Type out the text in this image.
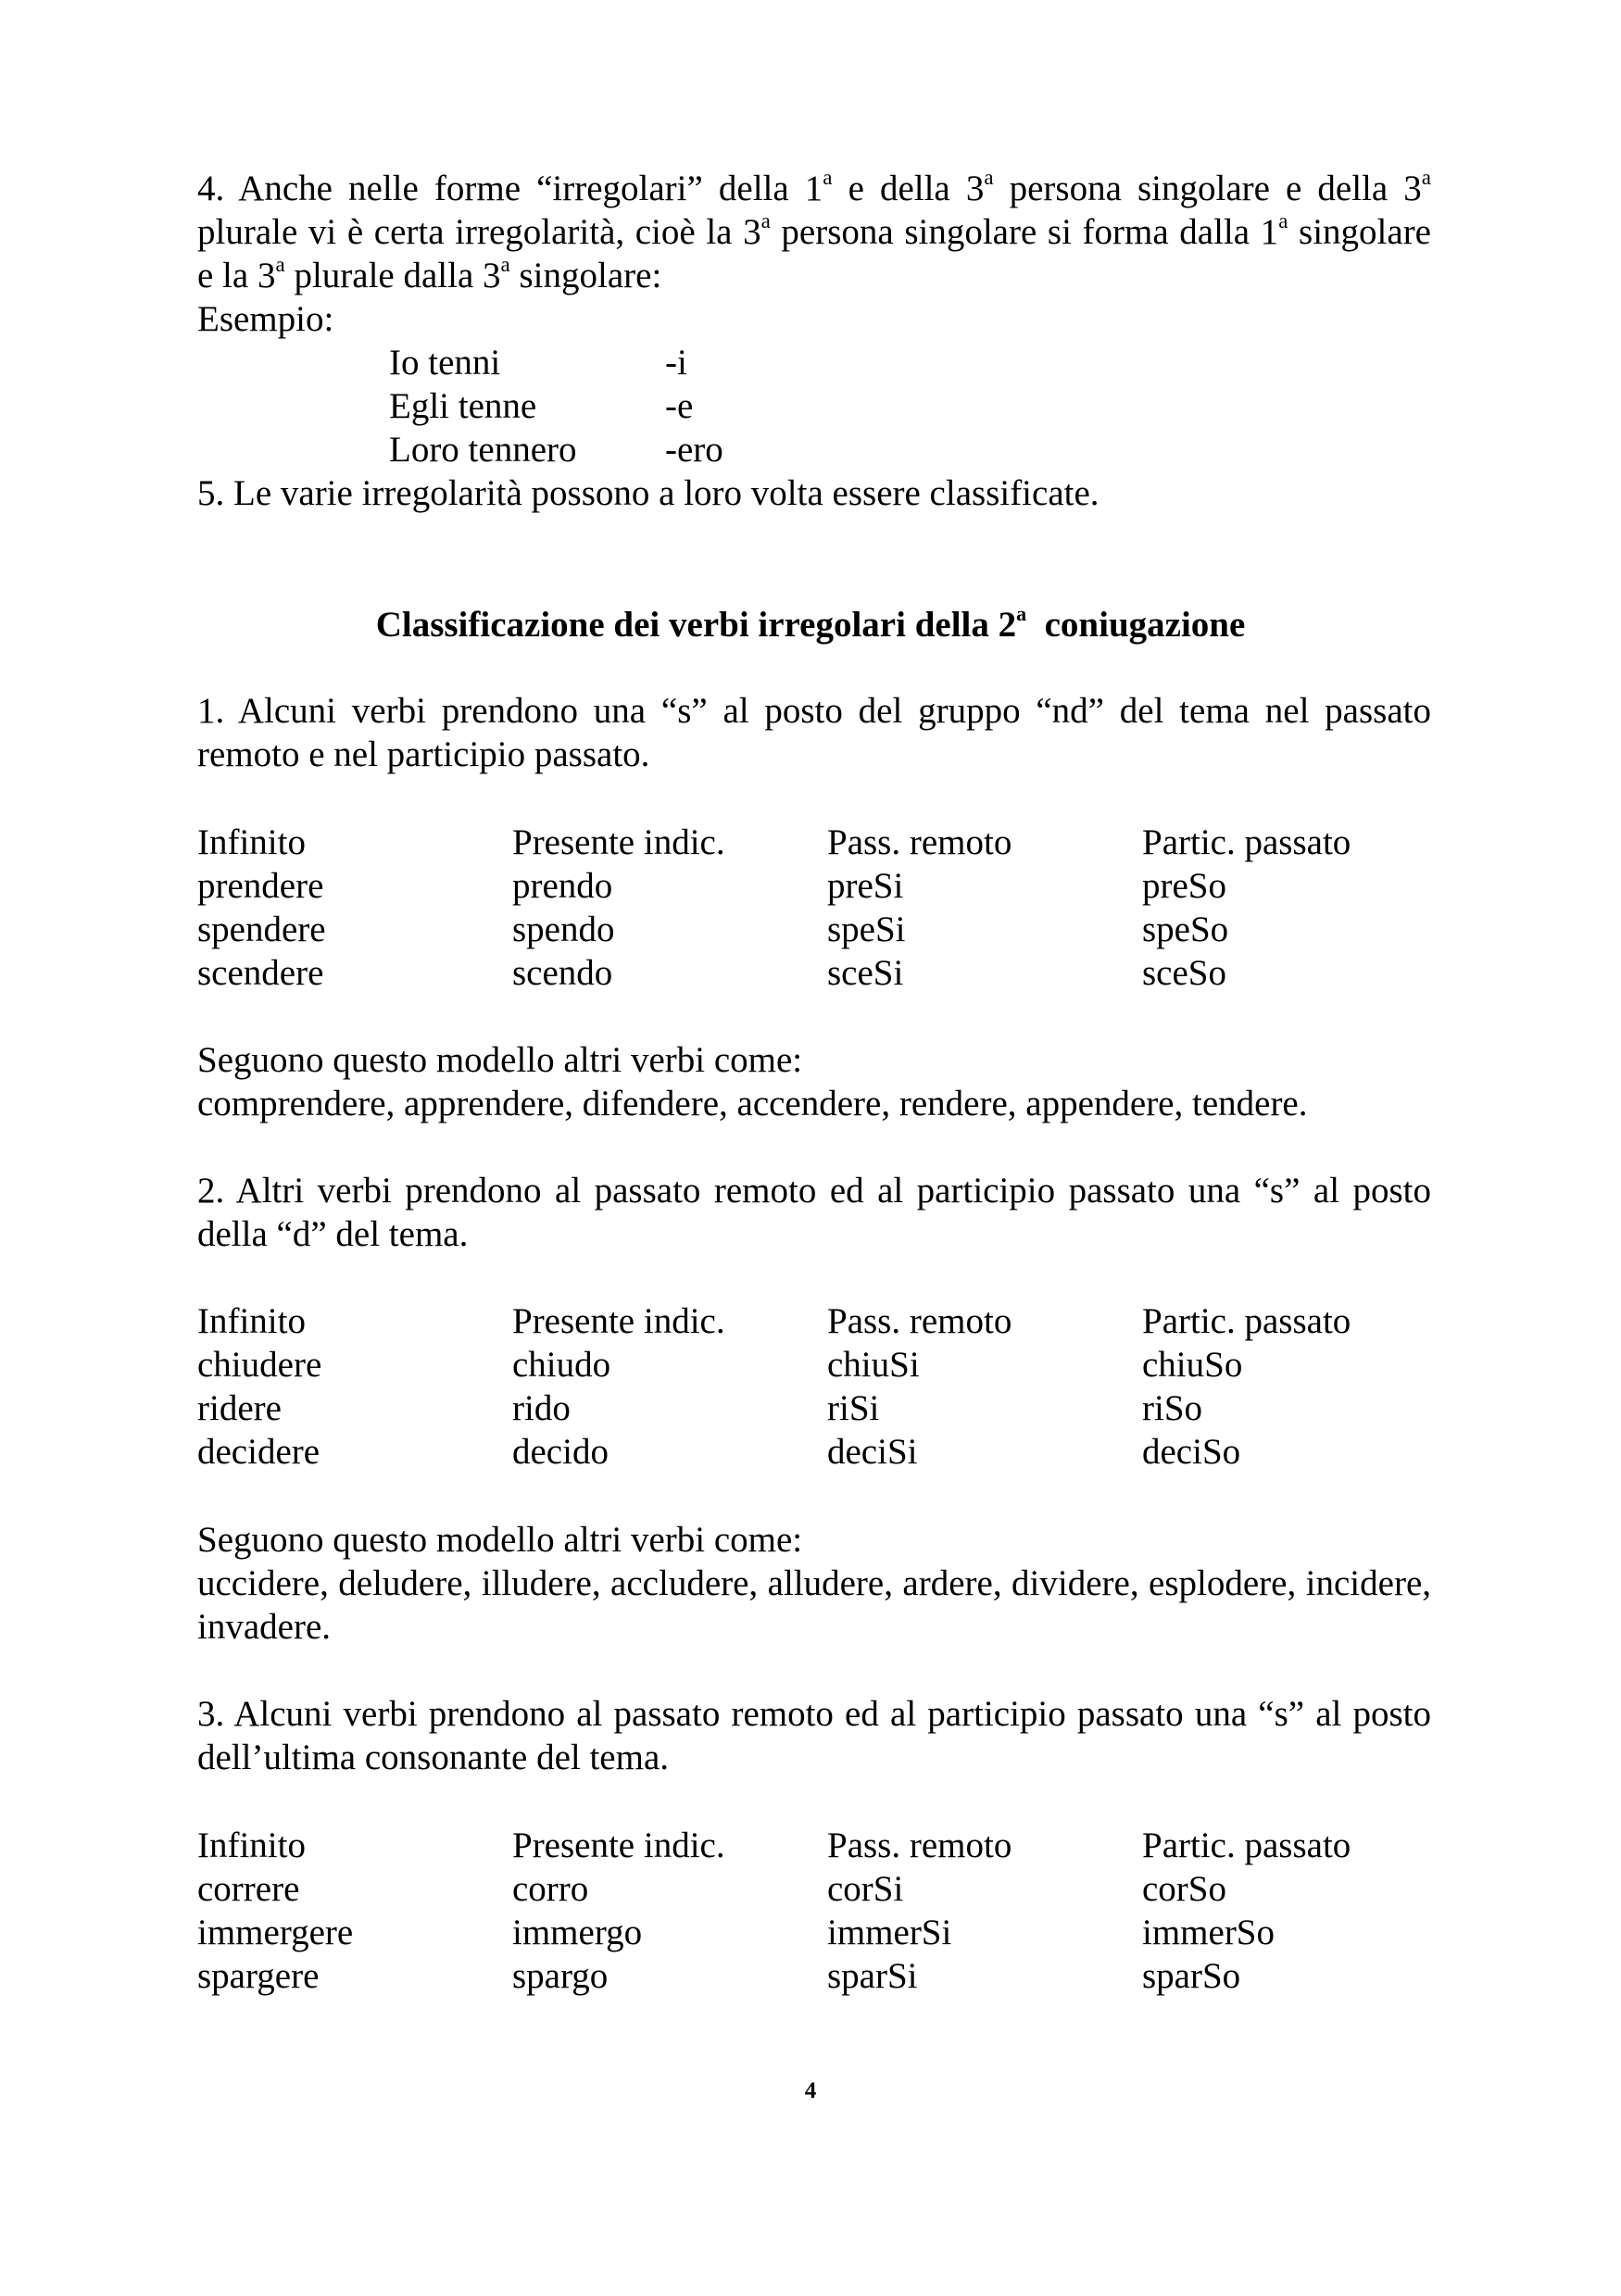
4. Anche nelle forme “irregolari” della 1$^a$ e della 3$^a$ persona singolare e della 3$^a$ plurale vi è certa irregolarità, cioè la 3$^a$ persona singolare si forma dalla 1$^a$ singolare e la 3$^a$ plurale dalla 3$^a$ singolare:

Esempio:
Io tenni	-i
Egli tenne	-e
Loro tennero -ero
5. Le varie irregolarità possono a loro volta essere classificate.
Classificazione dei verbi irregolari della 2$^a$  coniugazione

1. Alcuni verbi prendono una “s” al posto del gruppo “nd” del tema nel passato remoto e nel participio passato.

Infinito	Presente indic.	Pass. remoto	Partic. passato
prendere	prendo	preSi	preSo
spendere	spendo	speSi	speSo
scendere	scendo	sceSi	sceSo
Seguono questo modello altri verbi come:
comprendere, apprendere, difendere, accendere, rendere, appendere, tendere.

2. Altri verbi prendono al passato remoto ed al participio passato una “s” al posto della “d” del tema.

Infinito	Presente indic.	Pass. remoto	Partic. passato
chiudere	chiudo	chiuSi	chiuSo
ridere	rido	riSi	riSo
decidere	decido	deciSi	deciSo
Seguono questo modello altri verbi come:

uccidere, deludere, illudere, accludere, alludere, ardere, dividere, esplodere, incidere, invadere.

3. Alcuni verbi prendono al passato remoto ed al participio passato una “s” al posto dell’ultima consonante del tema.

Infinito	Presente indic.	Pass. remoto	Partic. passato
correre	corro	corSi	corSo
immergere	immergo	immerSi	immerSo
spargere	spargo	sparSi	sparSo
4
